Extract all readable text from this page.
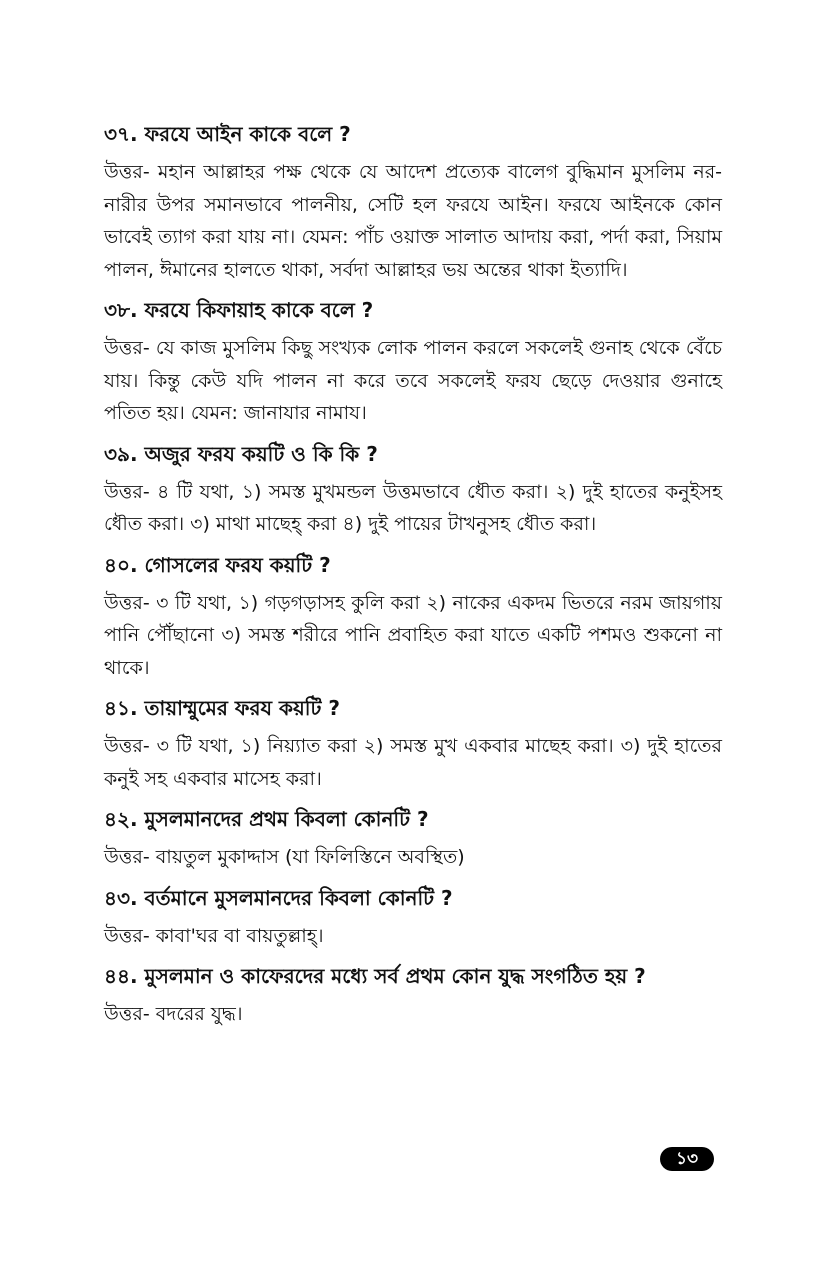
৩৭. ফরযে আইন কাকে বলে ?

উত্তর- মহান আল্লাহর পক্ষ থেকে যে আদেশ প্রত্যেক বালেগ বুদ্ধিমান মুসলিম নর- নারীর উপর সমানভাবে পালনীয়, সেটি হল ফরযে আইন। ফরযে আইনকে কোন ভাবেই ত্যাগ করা যায় না। যেমন: পাঁচ ওয়াক্ত সালাত আদায় করা, পর্দা করা, সিয়াম পালন, ঈমানের হালতে থাকা, সর্বদা আল্লাহর ভয় অন্তের থাকা ইত্যাদি।

৩৮. ফরযে কিফায়াহ কাকে বলে ?

উত্তর- যে কাজ মুসলিম কিছু সংখ্যক লোক পালন করলে সকলেই গুনাহ থেকে বেঁচে যায়। কিন্তু কেউ যদি পালন না করে তবে সকলেই ফরয ছেড়ে দেওয়ার গুনাহে পতিত হয়। যেমন: জানাযার নামায।

৩৯. অজুর ফরয কয়টি ও কি কি ?

উত্তর- ৪ টি যথা, ১) সমস্ত মুখমন্ডল উত্তমভাবে ধৌত করা। ২) দুই হাতের কনুইসহ ধৌত করা। ৩) মাথা মাছেহ্ করা ৪) দুই পায়ের টাখনুসহ ধৌত করা।

৪০. গোসলের ফরয কয়টি ?

উত্তর- ৩ টি যথা, ১) গড়গড়াসহ কুলি করা ২) নাকের একদম ভিতরে নরম জায়গায় পানি পৌঁছানো ৩) সমস্ত শরীরে পানি প্রবাহিত করা যাতে একটি পশমও শুকনো না থাকে।

৪১. তায়াম্মুমের ফরয কয়টি ?

উত্তর- ৩ টি যথা, ১) নিয়্যাত করা ২) সমস্ত মুখ একবার মাছেহ করা। ৩) দুই হাতের কনুই সহ একবার মাসেহ করা।

৪২. মুসলমানদের প্রথম কিবলা কোনটি ?

উত্তর- বায়তুল মুকাদ্দাস (যা ফিলিস্তিনে অবস্থিত)

৪৩. বর্তমানে মুসলমানদের কিবলা কোনটি ?

উত্তর- কাবা'ঘর বা বায়তুল্লাহ্।

৪৪. মুসলমান ও কাফেরদের মধ্যে সর্ব প্রথম কোন যুদ্ধ সংগঠিত হয় ?

উত্তর- বদরের যুদ্ধ।

১৩
